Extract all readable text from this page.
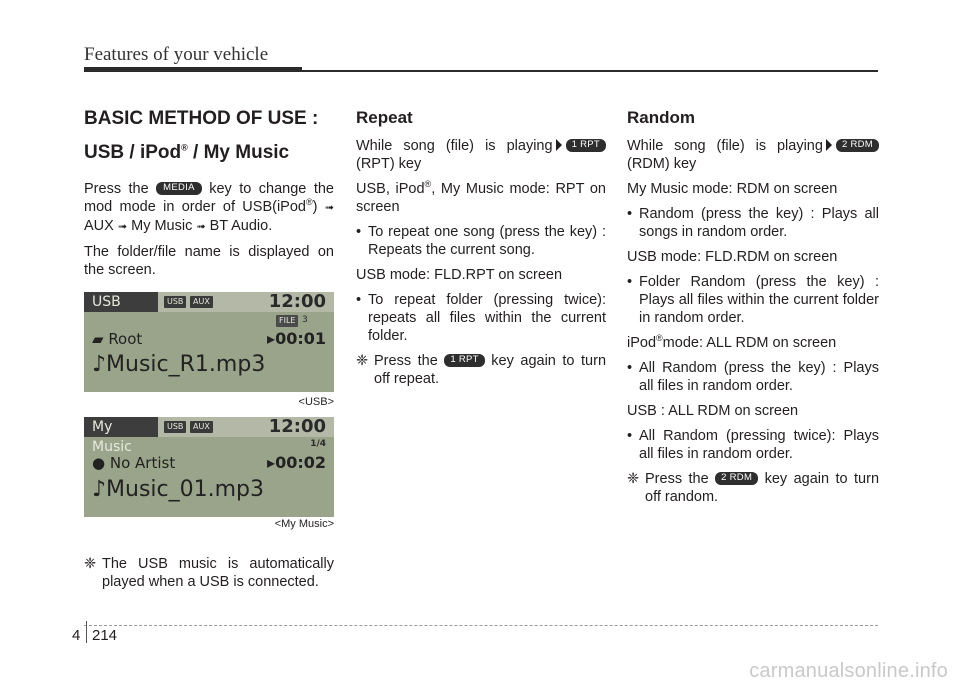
Features of your vehicle
BASIC METHOD OF USE :
USB / iPod® / My Music

Press the MEDIA key to change the mod mode in order of USB(iPod®) ➟ AUX ➟ My Music ➟ BT Audio.

The folder/file name is displayed on the screen.

USB	USB	AUX	12:00
FILE 3
▰ Root	▸00:01
♪Music_R1.mp3
<USB>
My Music
USB	AUX	12:00
1/4
● No Artist	▸00:02
♪Music_01.mp3
<My Music>
❈ The USB music is automatically played when a USB is connected.
Repeat

While song (file) is playing 1 RPT (RPT) key

USB, iPod®, My Music mode: RPT on screen

• To repeat one song (press the key) : Repeats the current song.

USB mode: FLD.RPT on screen

• To repeat folder (pressing twice): repeats all files within the current folder.
❈ Press the 1 RPT key again to turn off repeat.
Random

While song (file) is playing 2 RDM (RDM) key

My Music mode: RDM on screen

• Random (press the key) : Plays all songs in random order.

USB mode: FLD.RDM on screen

• Folder Random (press the key) : Plays all files within the current folder in random order.

iPod®mode: ALL RDM on screen

• All Random (press the key) : Plays all files in random order.

USB : ALL RDM on screen

• All Random (pressing twice): Plays all files in random order.
❈ Press the 2 RDM key again to turn off random.
4 214
carmanualsonline.info
